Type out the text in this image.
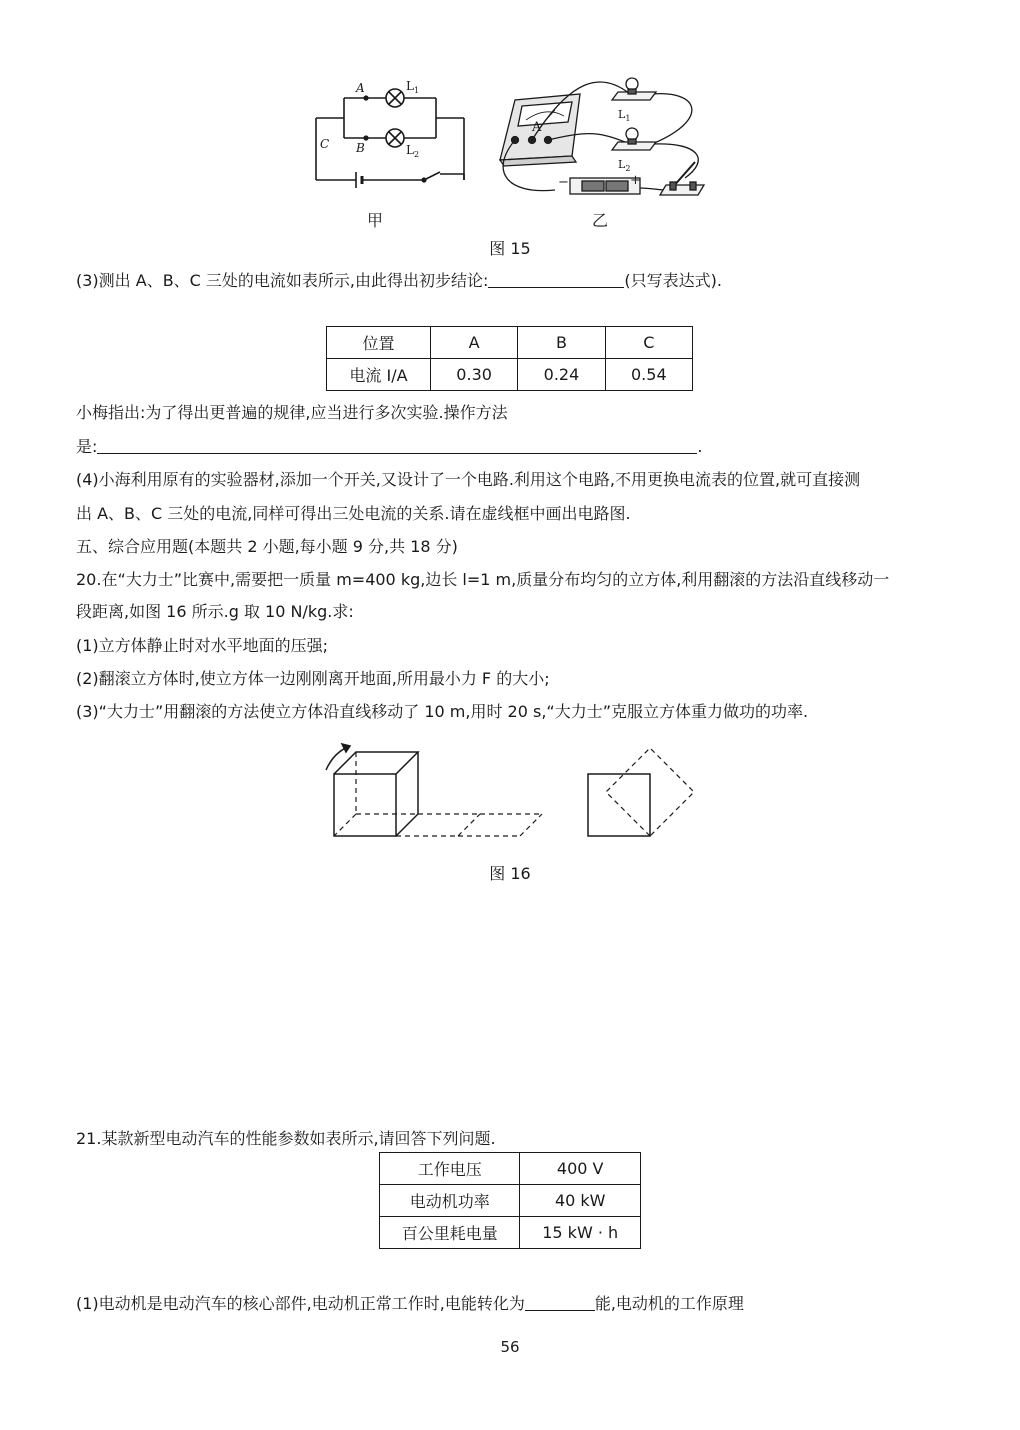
A
B
C
$L_1$
$L_2$
A
$L_1$
$L_2$
−	+
甲	乙
图 15
(3)测出 A、B、C 三处的电流如表所示,由此得出初步结论:	(只写表达式).
位置	A	B	C
电流 I/A	0.30	0.24	0.54
小梅指出:为了得出更普遍的规律,应当进行多次实验.操作方法
是:	.
(4)小海利用原有的实验器材,添加一个开关,又设计了一个电路.利用这个电路,不用更换电流表的位置,就可直接测
出 A、B、C 三处的电流,同样可得出三处电流的关系.请在虚线框中画出电路图.
五、综合应用题(本题共 2 小题,每小题 9 分,共 18 分)
20.在“大力士”比赛中,需要把一质量 m=400 kg,边长 l=1 m,质量分布均匀的立方体,利用翻滚的方法沿直线移动一
段距离,如图 16 所示.g 取 10 N/kg.求:
(1)立方体静止时对水平地面的压强;
(2)翻滚立方体时,使立方体一边刚刚离开地面,所用最小力 F 的大小;
(3)“大力士”用翻滚的方法使立方体沿直线移动了 10 m,用时 20 s,“大力士”克服立方体重力做功的功率.
图 16
21.某款新型电动汽车的性能参数如表所示,请回答下列问题.
工作电压	400 V
电动机功率	40 kW
百公里耗电量	15 kW · h
(1)电动机是电动汽车的核心部件,电动机正常工作时,电能转化为	能,电动机的工作原理
56
